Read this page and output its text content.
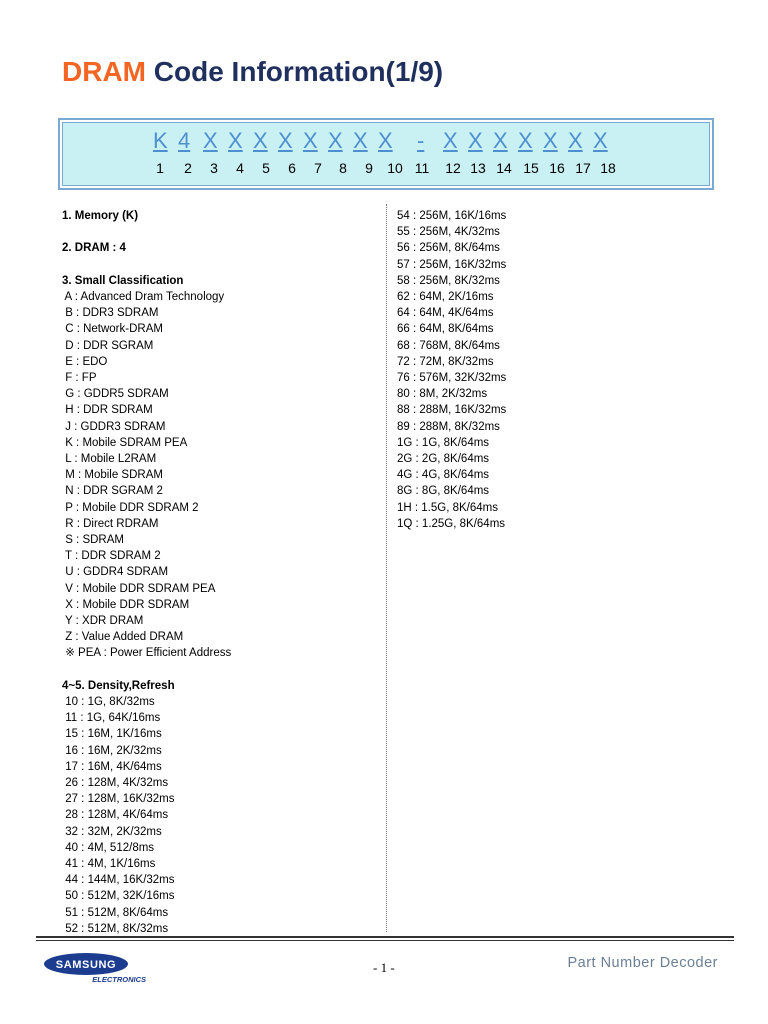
DRAM Code Information(1/9)
K 4 X X X X X X X X - X X X X X X X
1 2 3 4 5 6 7 8 9 10 11 12 13 14 15 16 17 18
1. Memory (K)
2. DRAM : 4
3. Small Classification
A : Advanced Dram Technology
B : DDR3 SDRAM
C : Network-DRAM
D : DDR SGRAM
E : EDO
F : FP
G : GDDR5 SDRAM
H : DDR SDRAM
J : GDDR3 SDRAM
K : Mobile SDRAM PEA
L : Mobile L2RAM
M : Mobile SDRAM
N : DDR SGRAM 2
P : Mobile DDR SDRAM 2
R : Direct RDRAM
S : SDRAM
T : DDR SDRAM 2
U : GDDR4 SDRAM
V : Mobile DDR SDRAM PEA
X : Mobile DDR SDRAM
Y : XDR DRAM
Z : Value Added DRAM
※ PEA : Power Efficient Address
4~5. Density,Refresh
10 : 1G, 8K/32ms
11 : 1G, 64K/16ms
15 : 16M, 1K/16ms
16 : 16M, 2K/32ms
17 : 16M, 4K/64ms
26 : 128M, 4K/32ms
27 : 128M, 16K/32ms
28 : 128M, 4K/64ms
32 : 32M, 2K/32ms
40 : 4M, 512/8ms
41 : 4M, 1K/16ms
44 : 144M, 16K/32ms
50 : 512M, 32K/16ms
51 : 512M, 8K/64ms
52 : 512M, 8K/32ms
54 : 256M, 16K/16ms
55 : 256M, 4K/32ms
56 : 256M, 8K/64ms
57 : 256M, 16K/32ms
58 : 256M, 8K/32ms
62 : 64M, 2K/16ms
64 : 64M, 4K/64ms
66 : 64M, 8K/64ms
68 : 768M, 8K/64ms
72 : 72M, 8K/32ms
76 : 576M, 32K/32ms
80 : 8M, 2K/32ms
88 : 288M, 16K/32ms
89 : 288M, 8K/32ms
1G : 1G, 8K/64ms
2G : 2G, 8K/64ms
4G : 4G, 8K/64ms
8G : 8G, 8K/64ms
1H : 1.5G, 8K/64ms
1Q : 1.25G, 8K/64ms
SAMSUNG
ELECTRONICS
- 1 -	Part Number Decoder
